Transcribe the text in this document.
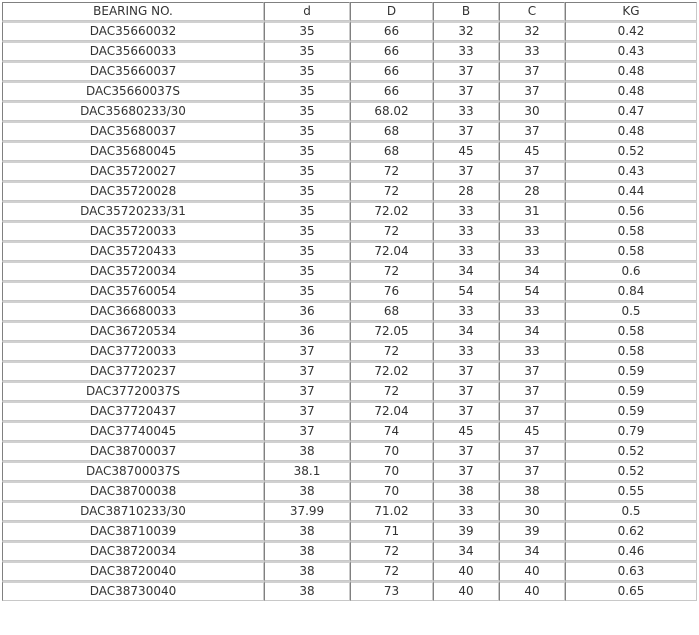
BEARING NO.	d	D	B	C	KG
DAC35660032	35	66	32	32	0.42
DAC35660033	35	66	33	33	0.43
DAC35660037	35	66	37	37	0.48
DAC35660037S	35	66	37	37	0.48
DAC35680233/30	35	68.02	33	30	0.47
DAC35680037	35	68	37	37	0.48
DAC35680045	35	68	45	45	0.52
DAC35720027	35	72	37	37	0.43
DAC35720028	35	72	28	28	0.44
DAC35720233/31	35	72.02	33	31	0.56
DAC35720033	35	72	33	33	0.58
DAC35720433	35	72.04	33	33	0.58
DAC35720034	35	72	34	34	0.6
DAC35760054	35	76	54	54	0.84
DAC36680033	36	68	33	33	0.5
DAC36720534	36	72.05	34	34	0.58
DAC37720033	37	72	33	33	0.58
DAC37720237	37	72.02	37	37	0.59
DAC37720037S	37	72	37	37	0.59
DAC37720437	37	72.04	37	37	0.59
DAC37740045	37	74	45	45	0.79
DAC38700037	38	70	37	37	0.52
DAC38700037S	38.1	70	37	37	0.52
DAC38700038	38	70	38	38	0.55
DAC38710233/30	37.99	71.02	33	30	0.5
DAC38710039	38	71	39	39	0.62
DAC38720034	38	72	34	34	0.46
DAC38720040	38	72	40	40	0.63
DAC38730040	38	73	40	40	0.65
